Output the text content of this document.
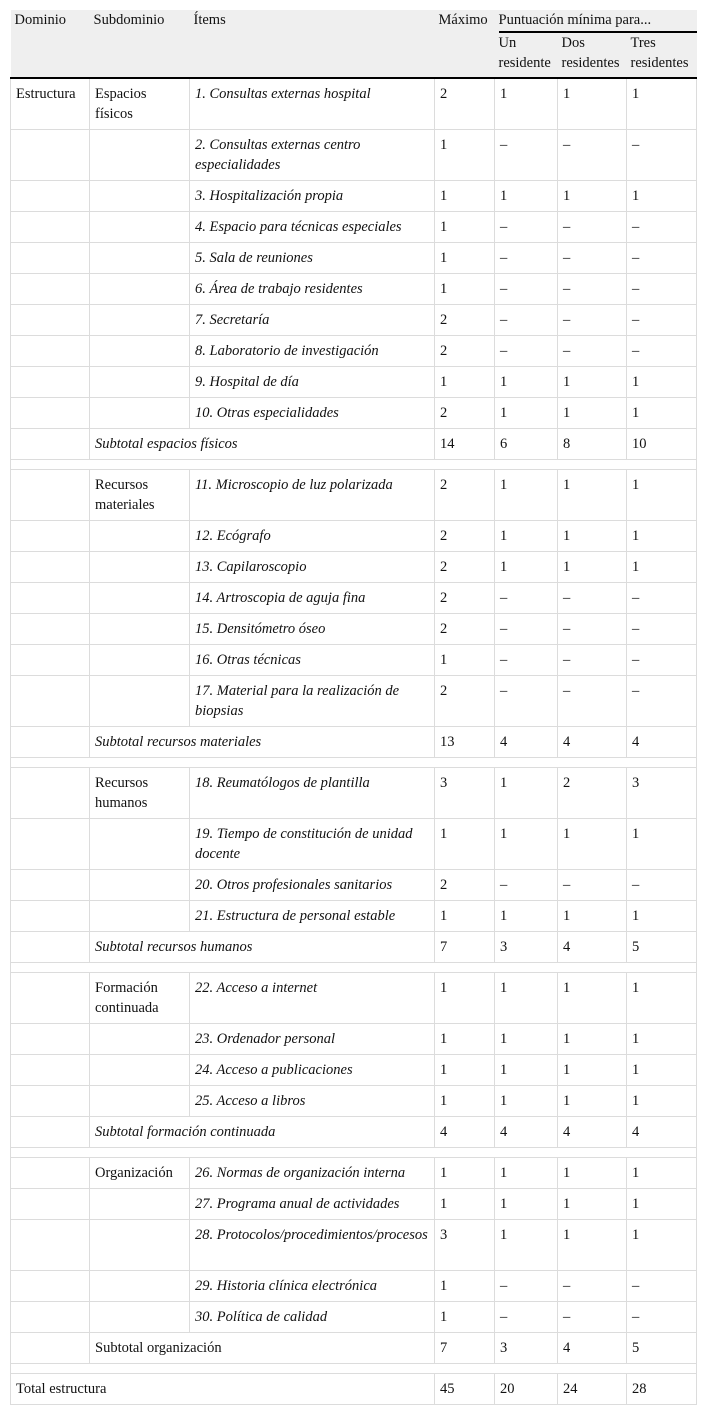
Dominio	Subdominio	Ítems	Máximo	Puntuación mínima para...		

				Un residente	Dos residentes	Tres residentes
Estructura	Espacios físicos	1. Consultas externas hospital	2	1	1	1
		2. Consultas externas centro especialidades	1	–	–	–
		3. Hospitalización propia	1	1	1	1
		4. Espacio para técnicas especiales	1	–	–	–
		5. Sala de reuniones	1	–	–	–
		6. Área de trabajo residentes	1	–	–	–
		7. Secretaría	2	–	–	–
		8. Laboratorio de investigación	2	–	–	–
		9. Hospital de día	1	1	1	1
		10. Otras especialidades	2	1	1	1
	Subtotal espacios físicos		14	6	8	10

	Recursos materiales	11. Microscopio de luz polarizada	2	1	1	1
		12. Ecógrafo	2	1	1	1
		13. Capilaroscopio	2	1	1	1
		14. Artroscopia de aguja fina	2	–	–	–
		15. Densitómetro óseo	2	–	–	–
		16. Otras técnicas	1	–	–	–
		17. Material para la realización de biopsias	2	–	–	–
	Subtotal recursos materiales		13	4	4	4

	Recursos humanos	18. Reumatólogos de plantilla	3	1	2	3
		19. Tiempo de constitución de unidad docente	1	1	1	1
		20. Otros profesionales sanitarios	2	–	–	–
		21. Estructura de personal estable	1	1	1	1
	Subtotal recursos humanos		7	3	4	5

	Formación continuada	22. Acceso a internet	1	1	1	1
		23. Ordenador personal	1	1	1	1
		24. Acceso a publicaciones	1	1	1	1
		25. Acceso a libros	1	1	1	1
	Subtotal formación continuada		4	4	4	4

	Organización	26. Normas de organización interna	1	1	1	1
		27. Programa anual de actividades	1	1	1	1
		28. Protocolos/procedimientos/procesos	3	1	1	1
		29. Historia clínica electrónica	1	–	–	–
		30. Política de calidad	1	–	–	–
	Subtotal organización		7	3	4	5

Total estructura			45	20	24	28
